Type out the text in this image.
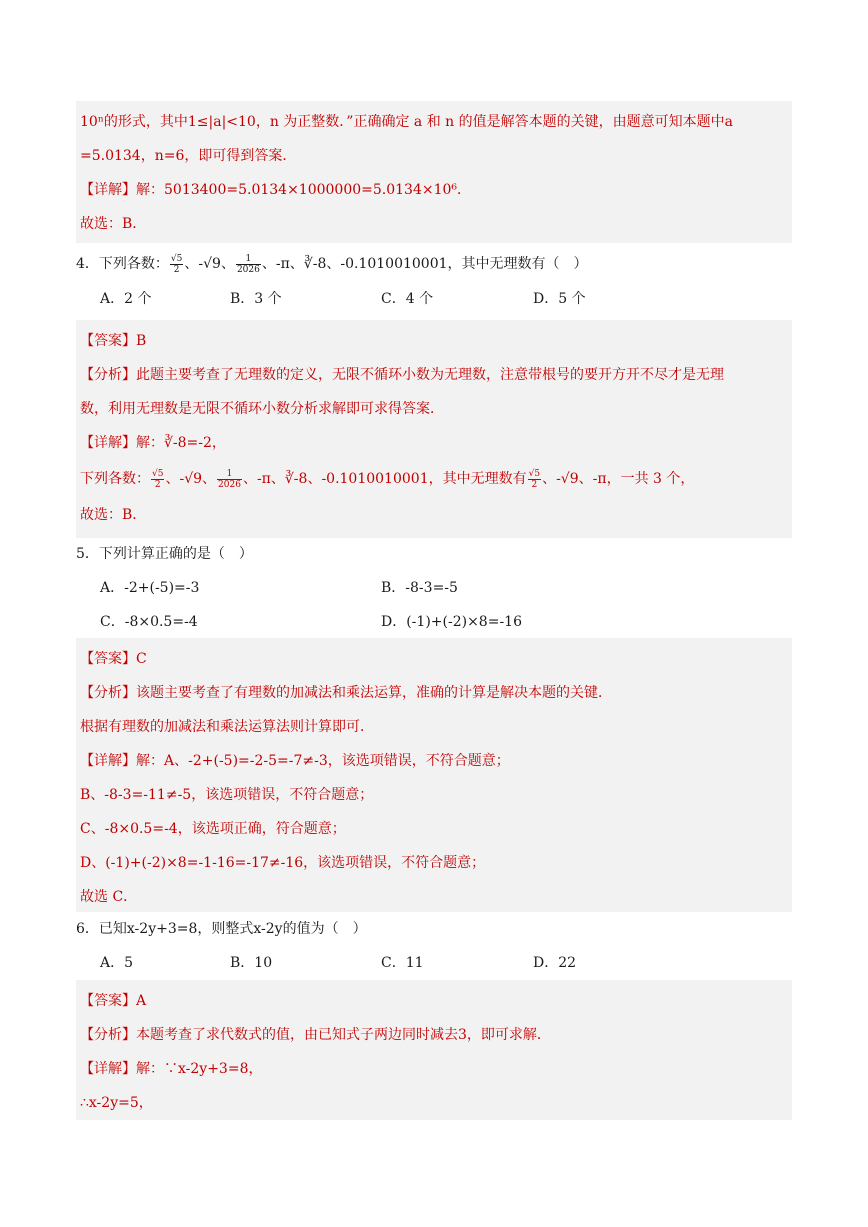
10ⁿ的形式，其中1≤|a|<10，n 为正整数．”正确确定 a 和 n 的值是解答本题的关键，由题意可知本题中a
=5.0134，n=6，即可得到答案．
【详解】解：5013400=5.0134×1000000=5.0134×10⁶．
故选：B．
4．下列各数： $\frac{√5}{2}$ 、-√9、 $\frac{1}{2026}$ 、-π、∛-8、-0.1010010001，其中无理数有（　）
A．2 个	B．3 个	C．4 个	D．5 个
【答案】B
【分析】此题主要考查了无理数的定义，无限不循环小数为无理数，注意带根号的要开方开不尽才是无理
数，利用无理数是无限不循环小数分析求解即可求得答案．
【详解】解：∛-8=-2，
下列各数： $\frac{√5}{2}$ 、-√9、 $\frac{1}{2026}$ 、-π、∛-8、-0.1010010001，其中无理数有 $\frac{√5}{2}$ 、-√9、-π，一共 3 个，
故选：B．
5．下列计算正确的是（　）
A．-2+(-5)=-3	B．-8-3=-5
C．-8×0.5=-4	D．(-1)+(-2)×8=-16
【答案】C
【分析】该题主要考查了有理数的加减法和乘法运算，准确的计算是解决本题的关键．
根据有理数的加减法和乘法运算法则计算即可．
【详解】解：A、-2+(-5)=-2-5=-7≠-3，该选项错误，不符合题意；
B、-8-3=-11≠-5，该选项错误，不符合题意；
C、-8×0.5=-4，该选项正确，符合题意；
D、(-1)+(-2)×8=-1-16=-17≠-16，该选项错误，不符合题意；
故选 C．
6．已知x-2y+3=8，则整式x-2y的值为（　）
A．5	B．10	C．11	D．22
【答案】A
【分析】本题考查了求代数式的值，由已知式子两边同时减去3，即可求解．
【详解】解：∵x-2y+3=8，
∴x-2y=5，
